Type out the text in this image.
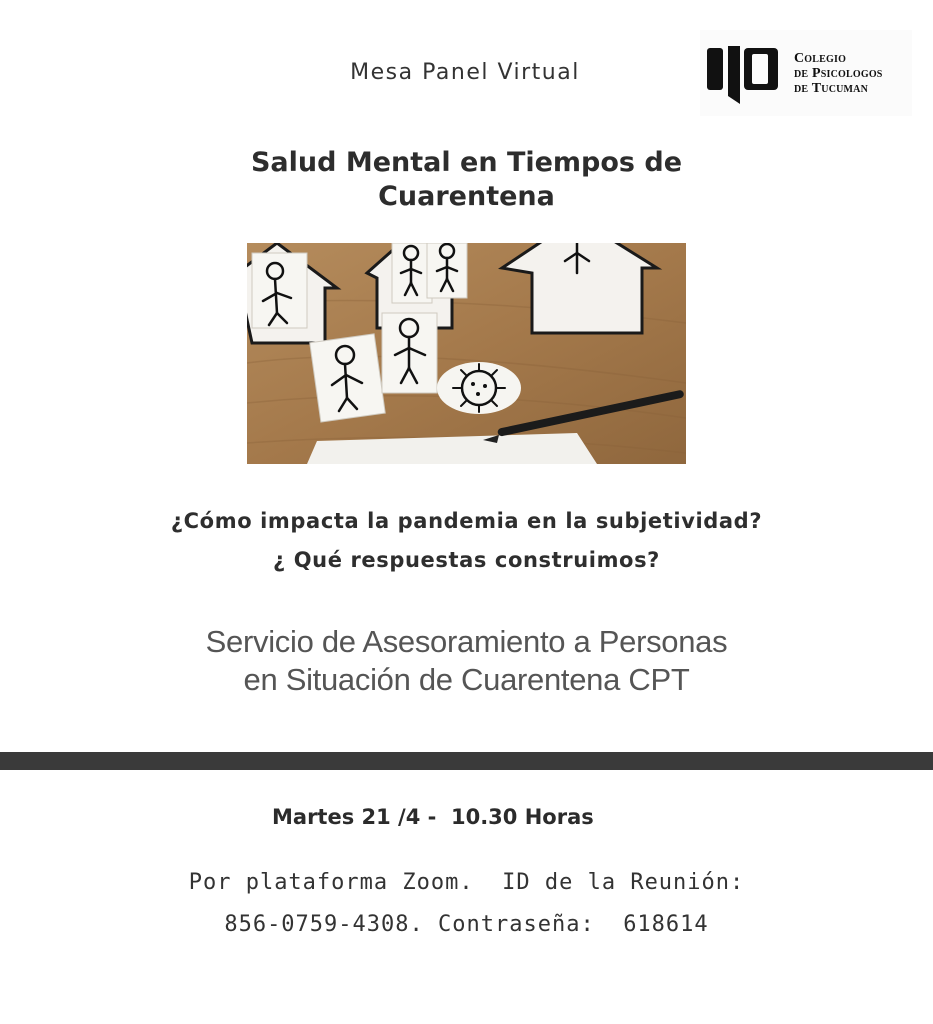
Mesa Panel Virtual
Colegio
de Psicologos
de Tucuman
Salud Mental en Tiempos de
Cuarentena
¿Cómo impacta la pandemia en la subjetividad?
¿ Qué respuestas construimos?
Servicio de Asesoramiento a Personas
en Situación de Cuarentena CPT
Martes 21 /4 -  10.30 Horas
Por plataforma Zoom.  ID de la Reunión:
856-0759-4308. Contraseña:  618614
